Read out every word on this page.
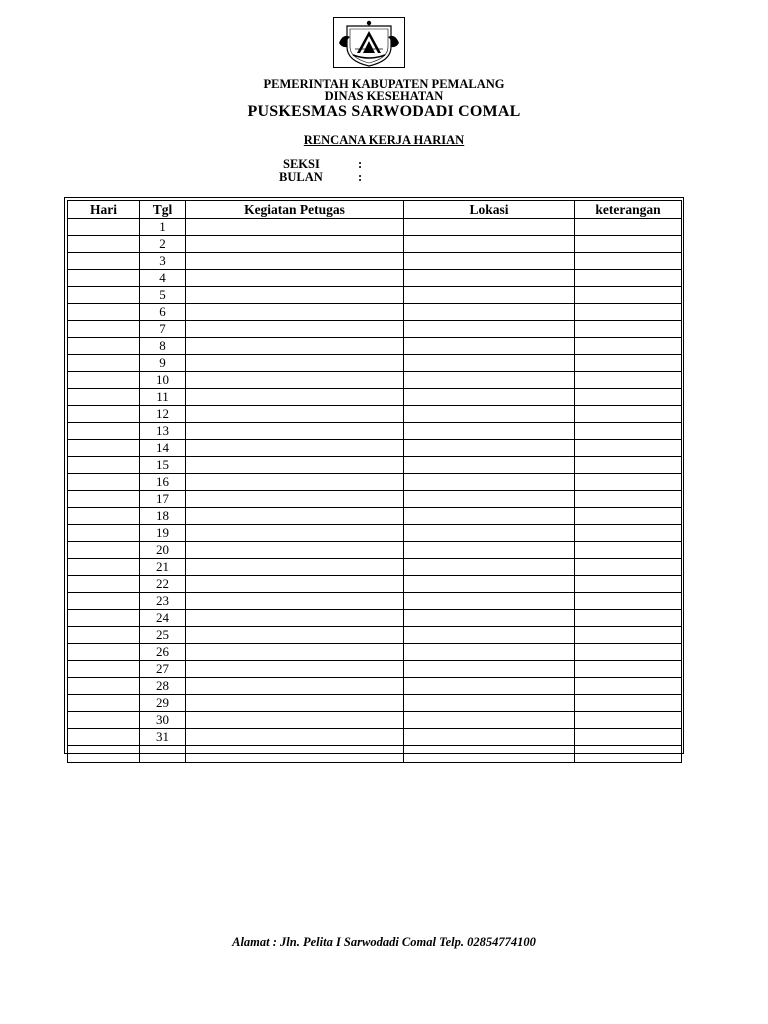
PEMERINTAH KABUPATEN PEMALANG
DINAS KESEHATAN
PUSKESMAS SARWODADI COMAL
RENCANA KERJA HARIAN
SEKSI	:
BULAN	:
Hari	Tgl	Kegiatan Petugas	Lokasi	keterangan
	1			
	2			
	3			
	4			
	5			
	6			
	7			
	8			
	9			
	10			
	11			
	12			
	13			
	14			
	15			
	16			
	17			
	18			
	19			
	20			
	21			
	22			
	23			
	24			
	25			
	26			
	27			
	28			
	29			
	30			
	31			

Alamat : Jln. Pelita I Sarwodadi Comal Telp. 02854774100
